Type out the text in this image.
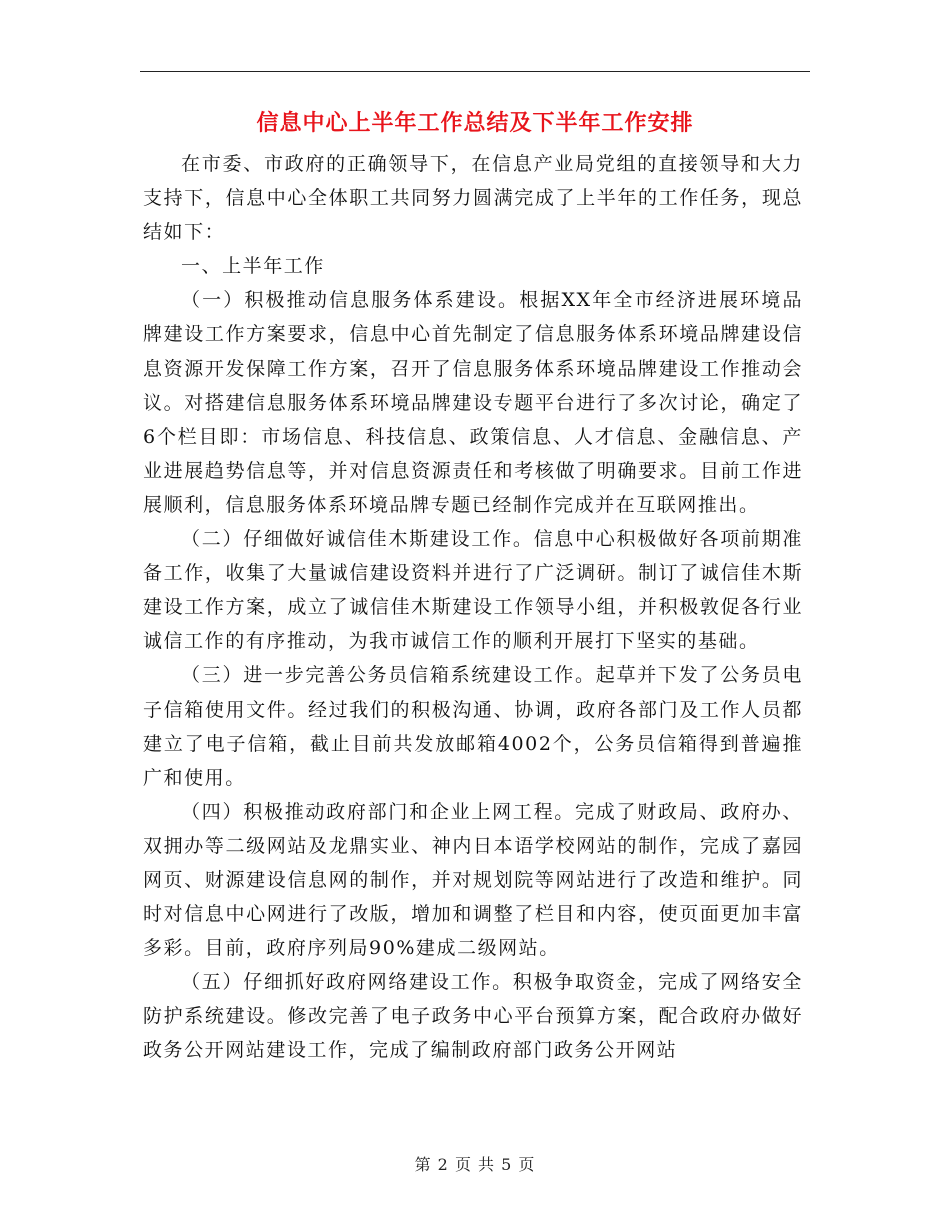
信息中心上半年工作总结及下半年工作安排

在市委、市政府的正确领导下，在信息产业局党组的直接领导和大力支持下，信息中心全体职工共同努力圆满完成了上半年的工作任务，现总结如下：

一、上半年工作

（一）积极推动信息服务体系建设。根据XX年全市经济进展环境品牌建设工作方案要求，信息中心首先制定了信息服务体系环境品牌建设信息资源开发保障工作方案，召开了信息服务体系环境品牌建设工作推动会议。对搭建信息服务体系环境品牌建设专题平台进行了多次讨论，确定了6个栏目即：市场信息、科技信息、政策信息、人才信息、金融信息、产业进展趋势信息等，并对信息资源责任和考核做了明确要求。目前工作进展顺利，信息服务体系环境品牌专题已经制作完成并在互联网推出。

（二）仔细做好诚信佳木斯建设工作。信息中心积极做好各项前期准备工作，收集了大量诚信建设资料并进行了广泛调研。制订了诚信佳木斯建设工作方案，成立了诚信佳木斯建设工作领导小组，并积极敦促各行业诚信工作的有序推动，为我市诚信工作的顺利开展打下坚实的基础。

（三）进一步完善公务员信箱系统建设工作。起草并下发了公务员电子信箱使用文件。经过我们的积极沟通、协调，政府各部门及工作人员都建立了电子信箱，截止目前共发放邮箱4002个，公务员信箱得到普遍推广和使用。

（四）积极推动政府部门和企业上网工程。完成了财政局、政府办、双拥办等二级网站及龙鼎实业、神内日本语学校网站的制作，完成了嘉园网页、财源建设信息网的制作，并对规划院等网站进行了改造和维护。同时对信息中心网进行了改版，增加和调整了栏目和内容，使页面更加丰富多彩。目前，政府序列局90%建成二级网站。

（五）仔细抓好政府网络建设工作。积极争取资金，完成了网络安全防护系统建设。修改完善了电子政务中心平台预算方案，配合政府办做好政务公开网站建设工作，完成了编制政府部门政务公开网站

第 2 页 共 5 页
